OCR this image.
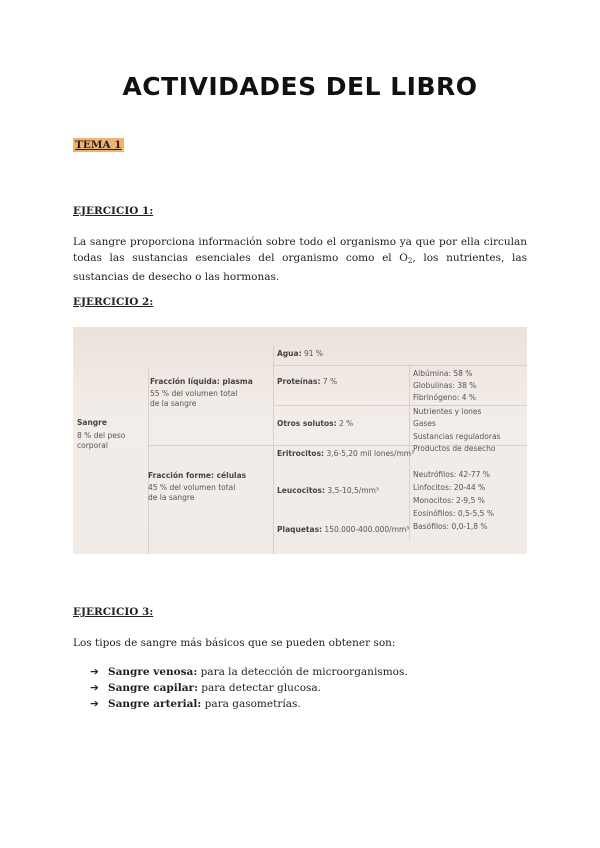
ACTIVIDADES DEL LIBRO
TEMA 1
EJERCICIO 1:
La sangre proporciona información sobre todo el organismo ya que por ella circulan todas las sustancias esenciales del organismo como el $O_2$, los nutrientes, las sustancias de desecho o las hormonas.
EJERCICIO 2:
Sangre
8 % del peso
corporal
Fracción líquida: plasma
55 % del volumen total
de la sangre
Fracción forme: células
45 % del volumen total
de la sangre
Agua: 91 %
Proteínas: 7 %
Otros solutos: 2 %
Eritrocitos: 3,6-5,20 mil lones/mm³
Leucocitos: 3,5-10,5/mm³
Plaquetas: 150.000-400.000/mm³
Albúmina: 58 %
Globulinas: 38 %
Fibrinógeno: 4 %
Nutrientes y iones
Gases
Sustancias reguladoras
Productos de desecho
Neutrófilos: 42-77 %
Linfocitos: 20-44 %
Monocitos: 2-9,5 %
Eosinófilos: 0,5-5,5 %
Basófilos: 0,0-1,8 %
EJERCICIO 3:
Los tipos de sangre más básicos que se pueden obtener son:
➔ Sangre venosa: para la detección de microorganismos.
➔ Sangre capilar: para detectar glucosa.
➔ Sangre arterial: para gasometrías.
